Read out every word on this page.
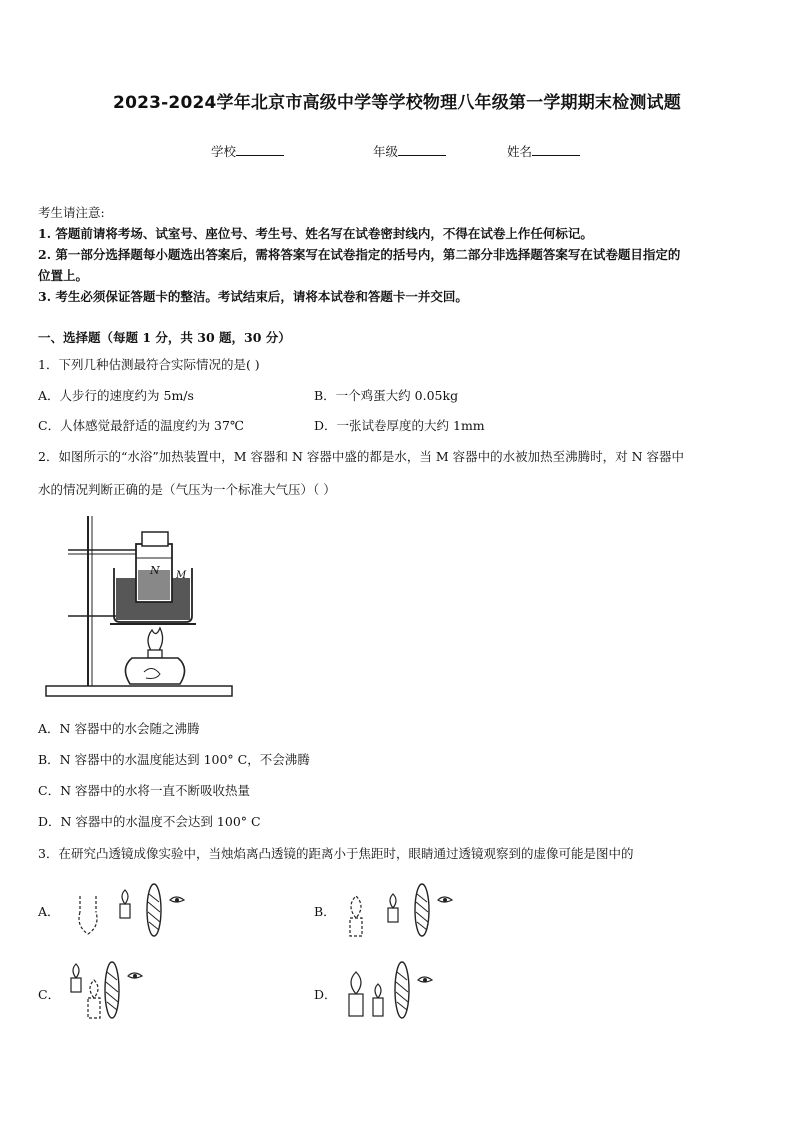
2023-2024学年北京市高级中学等学校物理八年级第一学期期末检测试题
学校	年级	姓名
考生请注意:
1. 答题前请将考场、试室号、座位号、考生号、姓名写在试卷密封线内，不得在试卷上作任何标记。
2. 第一部分选择题每小题选出答案后，需将答案写在试卷指定的括号内，第二部分非选择题答案写在试卷题目指定的
位置上。
3. 考生必须保证答题卡的整洁。考试结束后，请将本试卷和答题卡一并交回。
一、选择题（每题 1 分，共 30 题，30 分）
1．下列几种估测最符合实际情况的是( )
A．人步行的速度约为 5m/s	B．一个鸡蛋大约 0.05kg
C．人体感觉最舒适的温度约为 37℃	D．一张试卷厚度的大约 1mm
2．如图所示的“水浴”加热装置中，M 容器和 N 容器中盛的都是水，当 M 容器中的水被加热至沸腾时，对 N 容器中
水的情况判断正确的是（气压为一个标准大气压）（ ）
N M
A．N 容器中的水会随之沸腾
B．N 容器中的水温度能达到 100° C，不会沸腾
C．N 容器中的水将一直不断吸收热量
D．N 容器中的水温度不会达到 100° C
3．在研究凸透镜成像实验中，当烛焰离凸透镜的距离小于焦距时，眼睛通过透镜观察到的虚像可能是图中的
A．	B．
C．	D．
